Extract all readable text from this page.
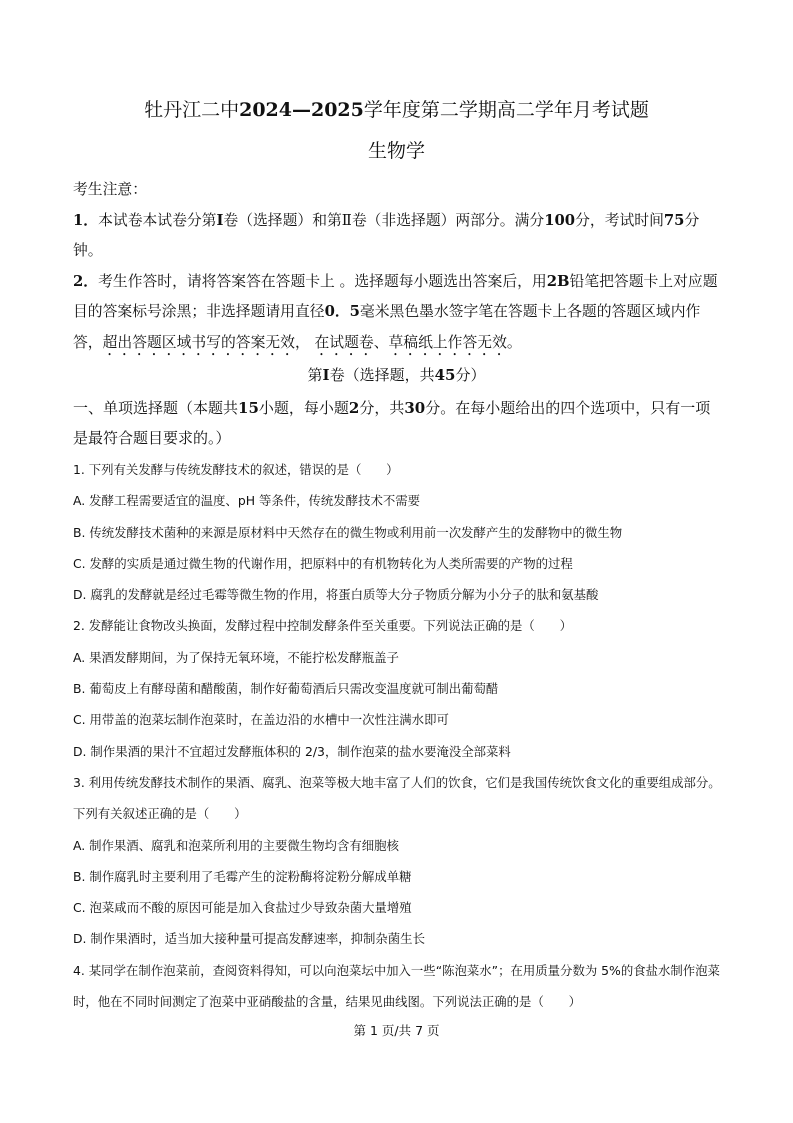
牡丹江二中2024—2025学年度第二学期高二学年月考试题
生物学

考生注意：

1．本试卷本试卷分第I卷（选择题）和第Ⅱ卷（非选择题）两部分。满分100分，考试时间75分钟。

2．考生作答时，请将答案答在答题卡上 。选择题每小题选出答案后，用2B铅笔把答题卡上对应题目的答案标号涂黑；非选择题请用直径0．5毫米黑色墨水签字笔在答题卡上各题的答题区域内作答，超出答题区域书写的答案无效， 在试题卷、草稿纸上作答无效。

第I卷（选择题，共45分）
一、单项选择题（本题共15小题，每小题2分，共30分。在每小题给出的四个选项中，只有一项是最符合题目要求的。）

1. 下列有关发酵与传统发酵技术的叙述，错误的是（　　）

A. 发酵工程需要适宜的温度、pH 等条件，传统发酵技术不需要

B. 传统发酵技术菌种的来源是原材料中天然存在的微生物或利用前一次发酵产生的发酵物中的微生物

C. 发酵的实质是通过微生物的代谢作用，把原料中的有机物转化为人类所需要的产物的过程

D. 腐乳的发酵就是经过毛霉等微生物的作用，将蛋白质等大分子物质分解为小分子的肽和氨基酸

2. 发酵能让食物改头换面，发酵过程中控制发酵条件至关重要。下列说法正确的是（　　）

A. 果酒发酵期间，为了保持无氧环境，不能拧松发酵瓶盖子

B. 葡萄皮上有酵母菌和醋酸菌，制作好葡萄酒后只需改变温度就可制出葡萄醋

C. 用带盖的泡菜坛制作泡菜时，在盖边沿的水槽中一次性注满水即可

D. 制作果酒的果汁不宜超过发酵瓶体积的 2/3，制作泡菜的盐水要淹没全部菜料

3. 利用传统发酵技术制作的果酒、腐乳、泡菜等极大地丰富了人们的饮食，它们是我国传统饮食文化的重要组成部分。下列有关叙述正确的是（　　）

A. 制作果酒、腐乳和泡菜所利用的主要微生物均含有细胞核

B. 制作腐乳时主要利用了毛霉产生的淀粉酶将淀粉分解成单糖

C. 泡菜咸而不酸的原因可能是加入食盐过少导致杂菌大量增殖

D. 制作果酒时，适当加大接种量可提高发酵速率，抑制杂菌生长

4. 某同学在制作泡菜前，查阅资料得知，可以向泡菜坛中加入一些“陈泡菜水”；在用质量分数为 5%的食盐水制作泡菜时，他在不同时间测定了泡菜中亚硝酸盐的含量，结果见曲线图。下列说法正确的是（　　）

第 1 页/共 7 页
